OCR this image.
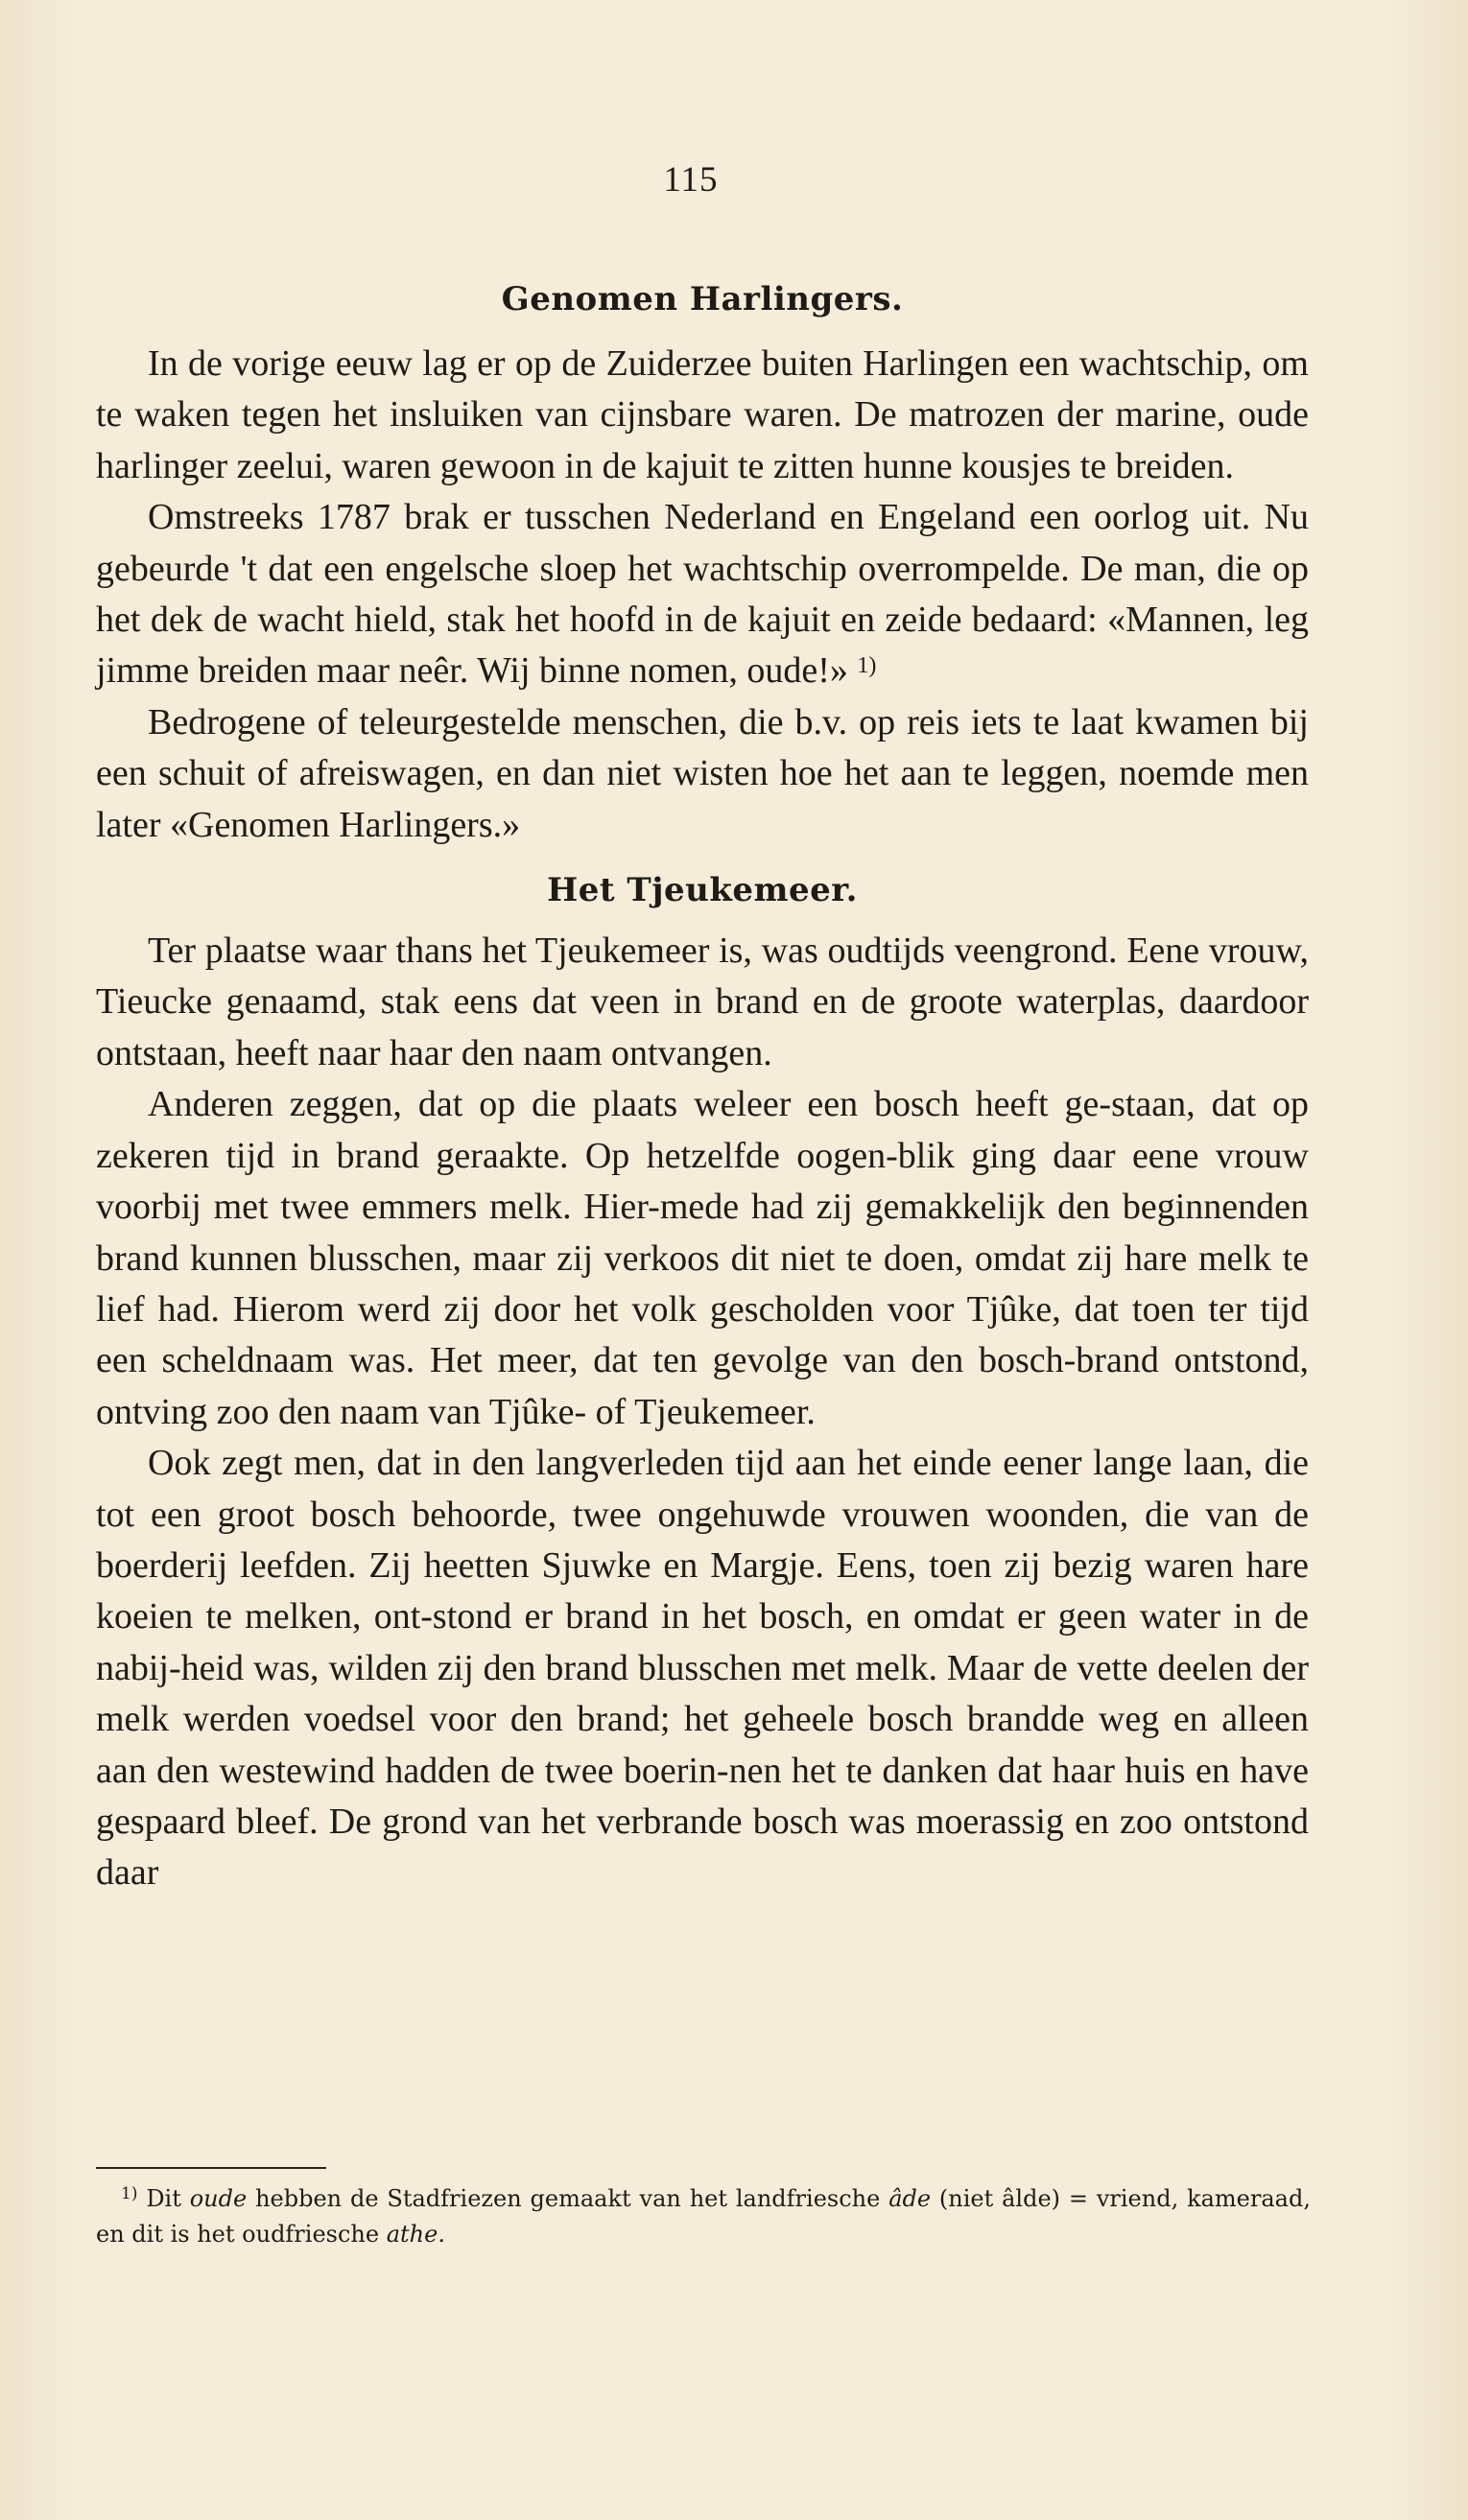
115
Genomen Harlingers.

In de vorige eeuw lag er op de Zuiderzee buiten Harlingen een wachtschip, om te waken tegen het insluiken van cijnsbare waren. De matrozen der marine, oude harlinger zeelui, waren gewoon in de kajuit te zitten hunne kousjes te breiden.

Omstreeks 1787 brak er tusschen Nederland en Engeland een oorlog uit. Nu gebeurde 't dat een engelsche sloep het wachtschip overrompelde. De man, die op het dek de wacht hield, stak het hoofd in de kajuit en zeide bedaard: «Mannen, leg jimme breiden maar neêr. Wij binne nomen, oude!» $^{1)}$

Bedrogene of teleurgestelde menschen, die b.v. op reis iets te laat kwamen bij een schuit of afreiswagen, en dan niet wisten hoe het aan te leggen, noemde men later «Genomen Harlingers.»

Het Tjeukemeer.

Ter plaatse waar thans het Tjeukemeer is, was oudtijds veengrond. Eene vrouw, Tieucke genaamd, stak eens dat veen in brand en de groote waterplas, daardoor ontstaan, heeft naar haar den naam ontvangen.

Anderen zeggen, dat op die plaats weleer een bosch heeft ge-staan, dat op zekeren tijd in brand geraakte. Op hetzelfde oogen-blik ging daar eene vrouw voorbij met twee emmers melk. Hier-mede had zij gemakkelijk den beginnenden brand kunnen blusschen, maar zij verkoos dit niet te doen, omdat zij hare melk te lief had. Hierom werd zij door het volk gescholden voor Tjûke, dat toen ter tijd een scheldnaam was. Het meer, dat ten gevolge van den bosch-brand ontstond, ontving zoo den naam van Tjûke- of Tjeukemeer.

Ook zegt men, dat in den langverleden tijd aan het einde eener lange laan, die tot een groot bosch behoorde, twee ongehuwde vrouwen woonden, die van de boerderij leefden. Zij heetten Sjuwke en Margje. Eens, toen zij bezig waren hare koeien te melken, ont-stond er brand in het bosch, en omdat er geen water in de nabij-heid was, wilden zij den brand blusschen met melk. Maar de vette deelen der melk werden voedsel voor den brand; het geheele bosch brandde weg en alleen aan den westewind hadden de twee boerin-nen het te danken dat haar huis en have gespaard bleef. De grond van het verbrande bosch was moerassig en zoo ontstond daar

$^{1)}$ Dit oude hebben de Stadfriezen gemaakt van het landfriesche âde (niet âlde) = vriend, kameraad, en dit is het oudfriesche athe.
